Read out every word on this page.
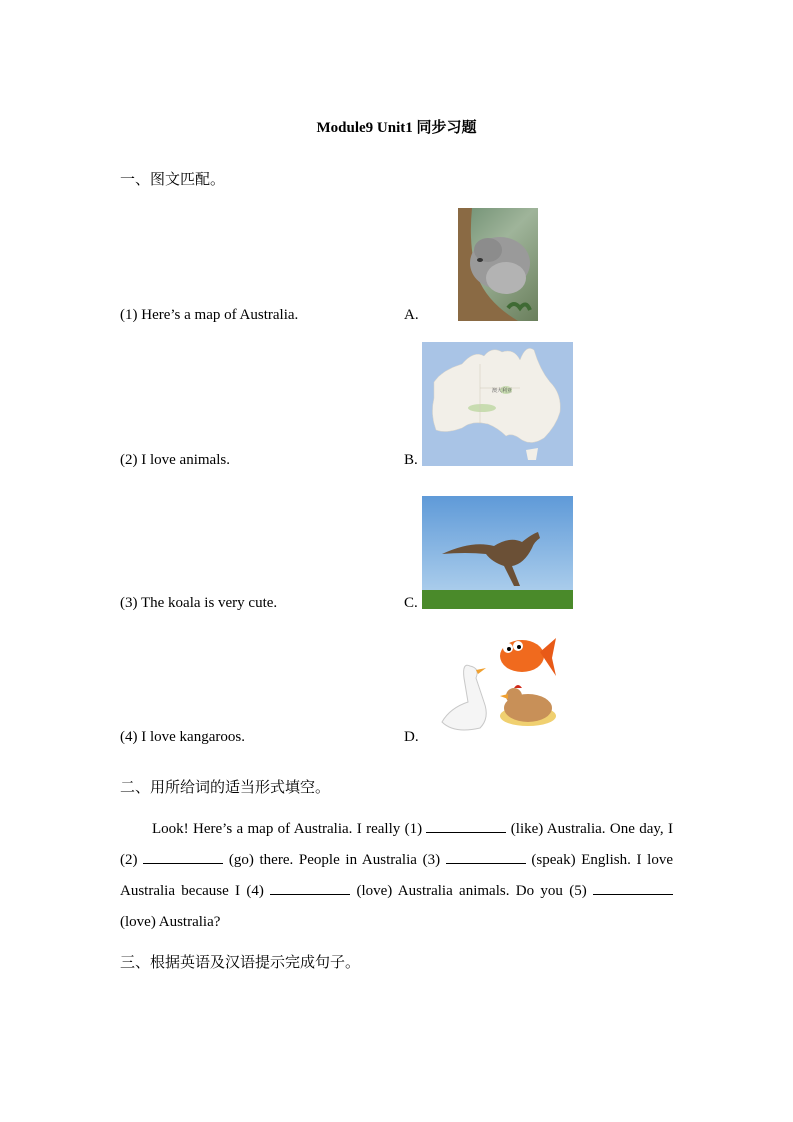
Module9 Unit1 同步习题
一、图文匹配。
(1) Here’s a map of Australia.	A.
(2) I love animals.	B.
澳大利亚
(3) The koala is very cute.	C.
(4) I love kangaroos.	D.
二、用所给词的适当形式填空。
Look! Here’s a map of Australia. I really (1)	(like) Australia. One day, I (2)	(go) there. People in Australia (3)	(speak) English. I love Australia because I (4)	(love) Australia animals. Do you (5)  (love) Australia?
三、根据英语及汉语提示完成句子。
